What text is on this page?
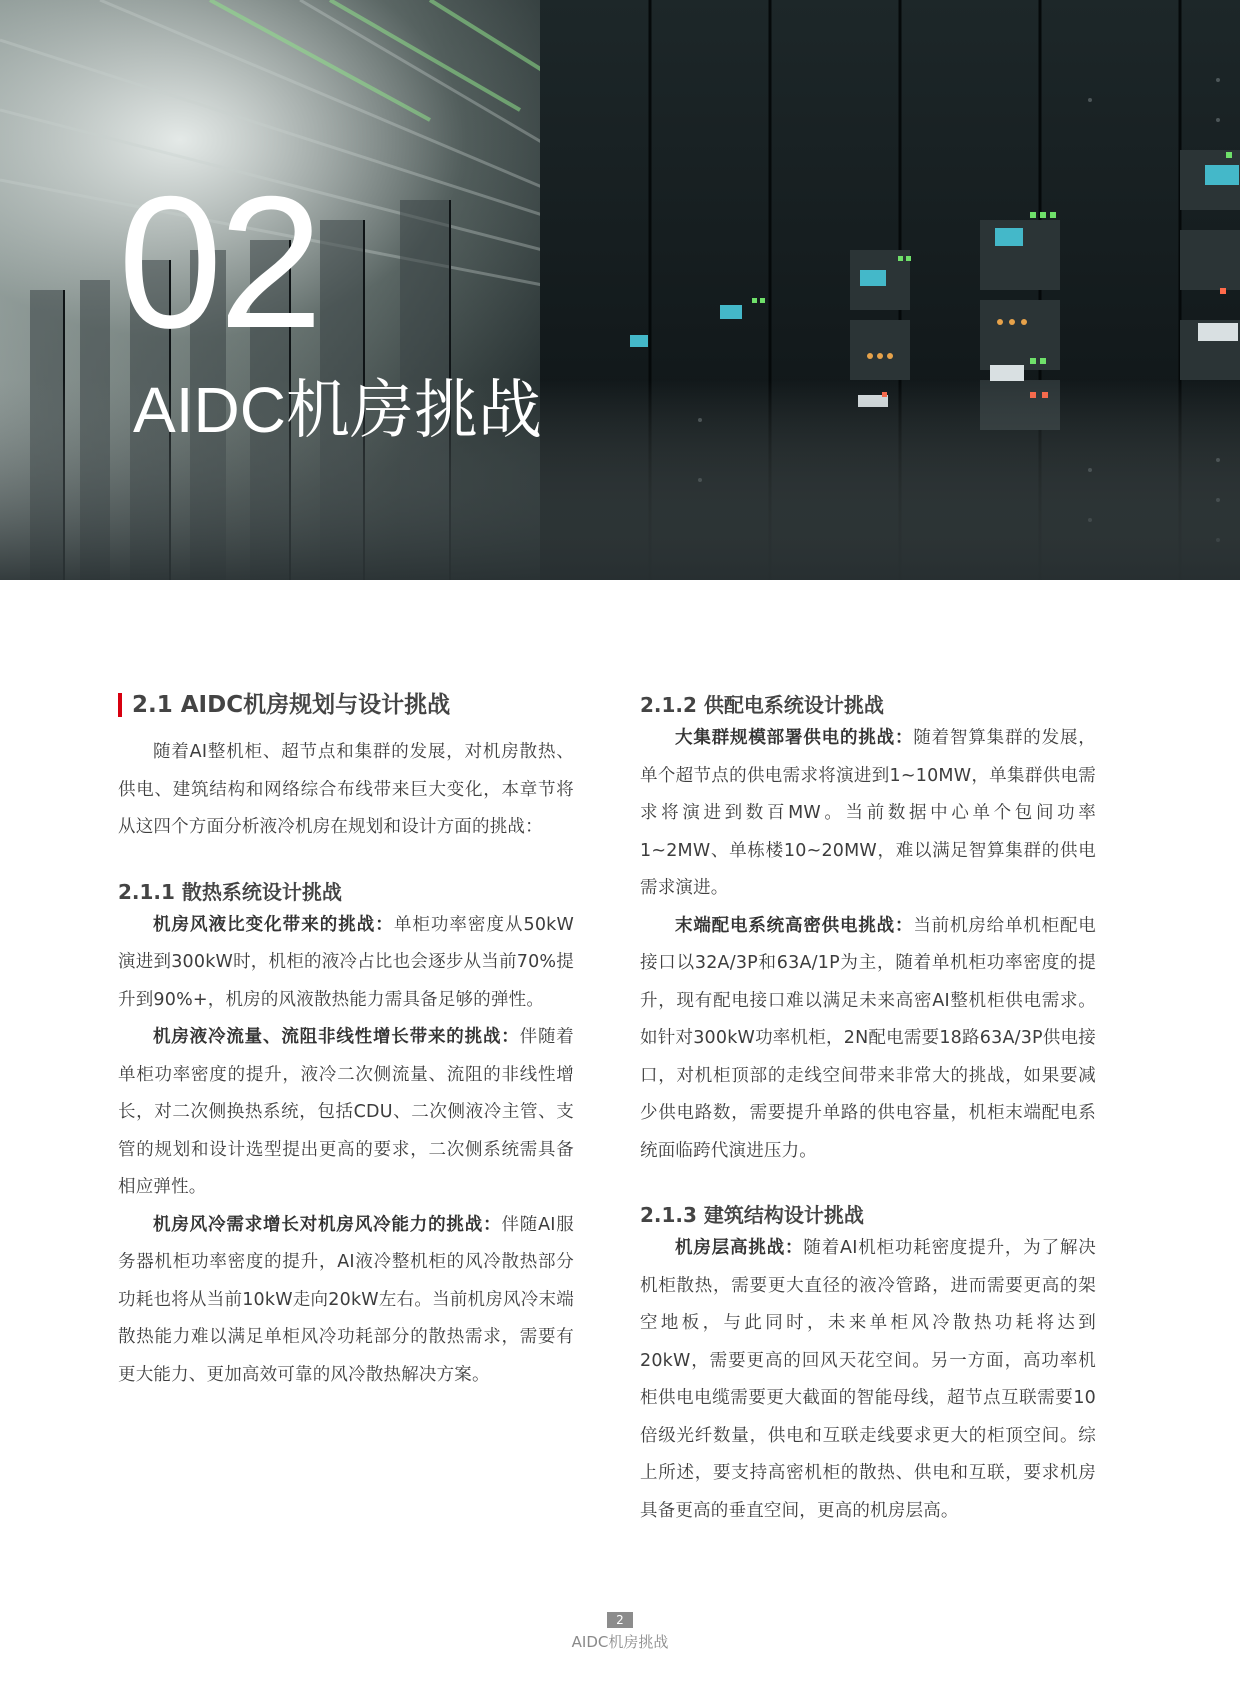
02
AIDC机房挑战
2.1 AIDC机房规划与设计挑战

随着AI整机柜、超节点和集群的发展，对机房散热、供电、建筑结构和网络综合布线带来巨大变化，本章节将从这四个方面分析液冷机房在规划和设计方面的挑战：

2.1.1 散热系统设计挑战

机房风液比变化带来的挑战：单柜功率密度从50kW演进到300kW时，机柜的液冷占比也会逐步从当前70%提升到90%+，机房的风液散热能力需具备足够的弹性。

机房液冷流量、流阻非线性增长带来的挑战：伴随着单柜功率密度的提升，液冷二次侧流量、流阻的非线性增长，对二次侧换热系统，包括CDU、二次侧液冷主管、支管的规划和设计选型提出更高的要求，二次侧系统需具备相应弹性。

机房风冷需求增长对机房风冷能力的挑战：伴随AI服务器机柜功率密度的提升，AI液冷整机柜的风冷散热部分功耗也将从当前10kW走向20kW左右。当前机房风冷末端散热能力难以满足单柜风冷功耗部分的散热需求，需要有更大能力、更加高效可靠的风冷散热解决方案。

2.1.2 供配电系统设计挑战

大集群规模部署供电的挑战：随着智算集群的发展，单个超节点的供电需求将演进到1~10MW，单集群供电需求将演进到数百MW。当前数据中心单个包间功率1~2MW、单栋楼10~20MW，难以满足智算集群的供电需求演进。

末端配电系统高密供电挑战：当前机房给单机柜配电接口以32A/3P和63A/1P为主，随着单机柜功率密度的提升，现有配电接口难以满足未来高密AI整机柜供电需求。如针对300kW功率机柜，2N配电需要18路63A/3P供电接口，对机柜顶部的走线空间带来非常大的挑战，如果要减少供电路数，需要提升单路的供电容量，机柜末端配电系统面临跨代演进压力。

2.1.3 建筑结构设计挑战

机房层高挑战：随着AI机柜功耗密度提升，为了解决机柜散热，需要更大直径的液冷管路，进而需要更高的架空地板，与此同时，未来单柜风冷散热功耗将达到20kW，需要更高的回风天花空间。另一方面，高功率机柜供电电缆需要更大截面的智能母线，超节点互联需要10倍级光纤数量，供电和互联走线要求更大的柜顶空间。综上所述，要支持高密机柜的散热、供电和互联，要求机房具备更高的垂直空间，更高的机房层高。

2
AIDC机房挑战
